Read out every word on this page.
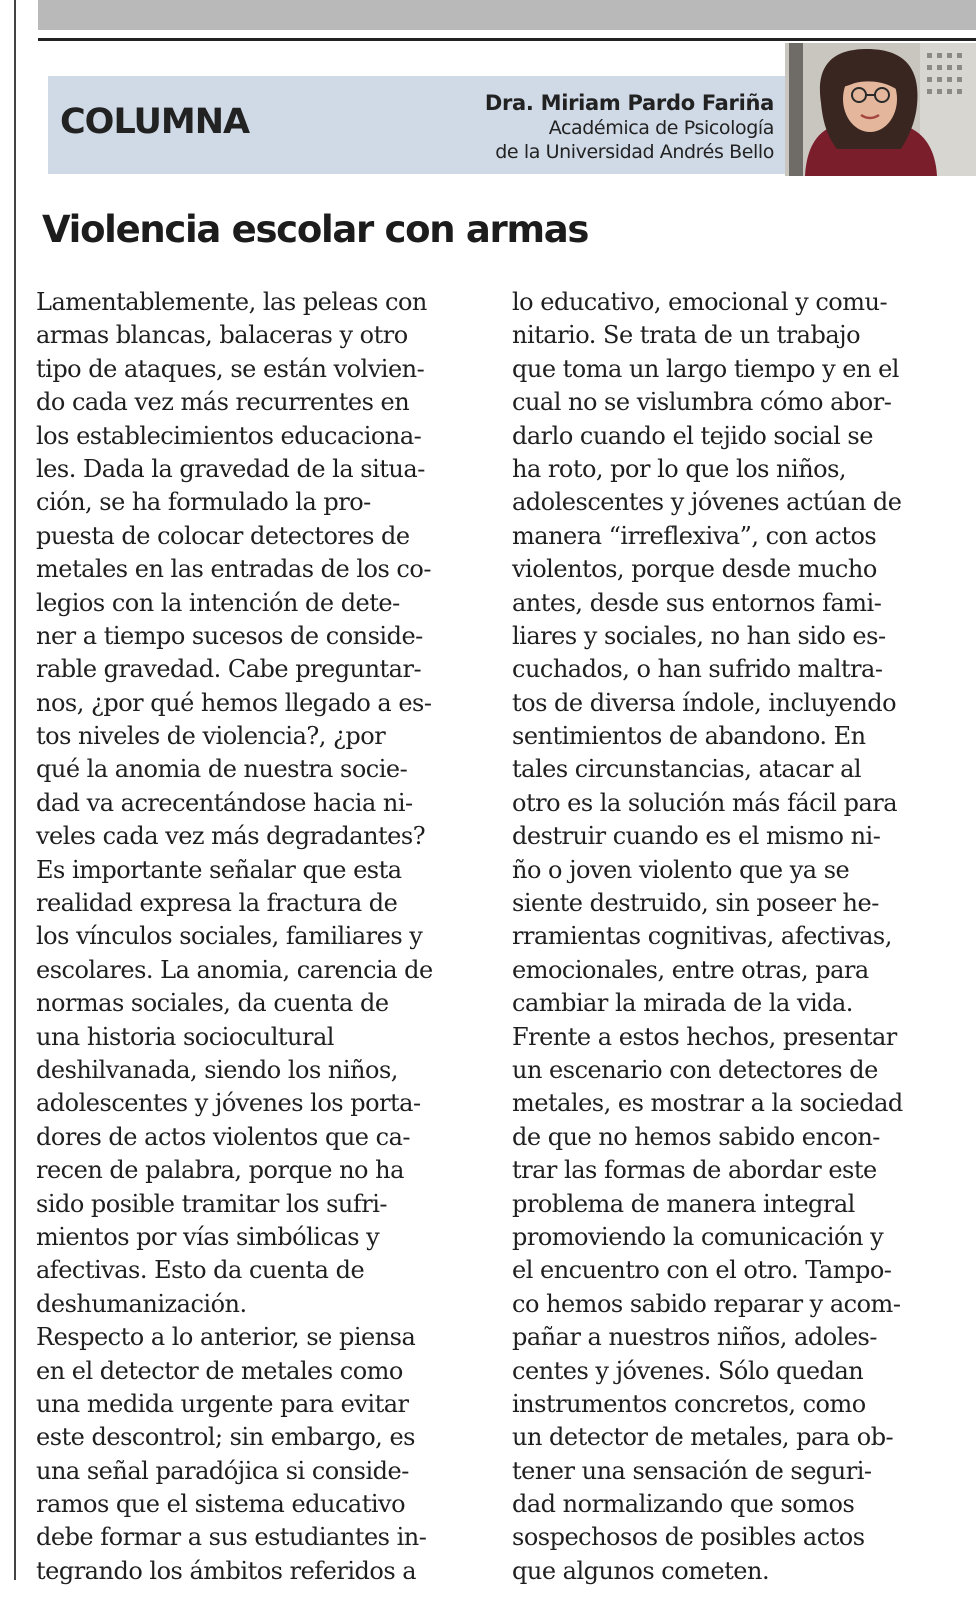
COLUMNA	Dra. Miriam Pardo Fariña
Académica de Psicología
de la Universidad Andrés Bello
Violencia escolar con armas
Lamentablemente, las peleas con
armas blancas, balaceras y otro
tipo de ataques, se están volvien-
do cada vez más recurrentes en
los establecimientos educaciona-
les. Dada la gravedad de la situa-
ción, se ha formulado la pro-
puesta de colocar detectores de
metales en las entradas de los co-
legios con la intención de dete-
ner a tiempo sucesos de conside-
rable gravedad. Cabe preguntar-
nos, ¿por qué hemos llegado a es-
tos niveles de violencia?, ¿por
qué la anomia de nuestra socie-
dad va acrecentándose hacia ni-
veles cada vez más degradantes?
Es importante señalar que esta
realidad expresa la fractura de
los vínculos sociales, familiares y
escolares. La anomia, carencia de
normas sociales, da cuenta de
una historia sociocultural
deshilvanada, siendo los niños,
adolescentes y jóvenes los porta-
dores de actos violentos que ca-
recen de palabra, porque no ha
sido posible tramitar los sufri-
mientos por vías simbólicas y
afectivas. Esto da cuenta de
deshumanización.
Respecto a lo anterior, se piensa
en el detector de metales como
una medida urgente para evitar
este descontrol; sin embargo, es
una señal paradójica si conside-
ramos que el sistema educativo
debe formar a sus estudiantes in-
tegrando los ámbitos referidos a
lo educativo, emocional y comu-
nitario. Se trata de un trabajo
que toma un largo tiempo y en el
cual no se vislumbra cómo abor-
darlo cuando el tejido social se
ha roto, por lo que los niños,
adolescentes y jóvenes actúan de
manera “irreflexiva”, con actos
violentos, porque desde mucho
antes, desde sus entornos fami-
liares y sociales, no han sido es-
cuchados, o han sufrido maltra-
tos de diversa índole, incluyendo
sentimientos de abandono. En
tales circunstancias, atacar al
otro es la solución más fácil para
destruir cuando es el mismo ni-
ño o joven violento que ya se
siente destruido, sin poseer he-
rramientas cognitivas, afectivas,
emocionales, entre otras, para
cambiar la mirada de la vida.
Frente a estos hechos, presentar
un escenario con detectores de
metales, es mostrar a la sociedad
de que no hemos sabido encon-
trar las formas de abordar este
problema de manera integral
promoviendo la comunicación y
el encuentro con el otro. Tampo-
co hemos sabido reparar y acom-
pañar a nuestros niños, adoles-
centes y jóvenes. Sólo quedan
instrumentos concretos, como
un detector de metales, para ob-
tener una sensación de seguri-
dad normalizando que somos
sospechosos de posibles actos
que algunos cometen.
